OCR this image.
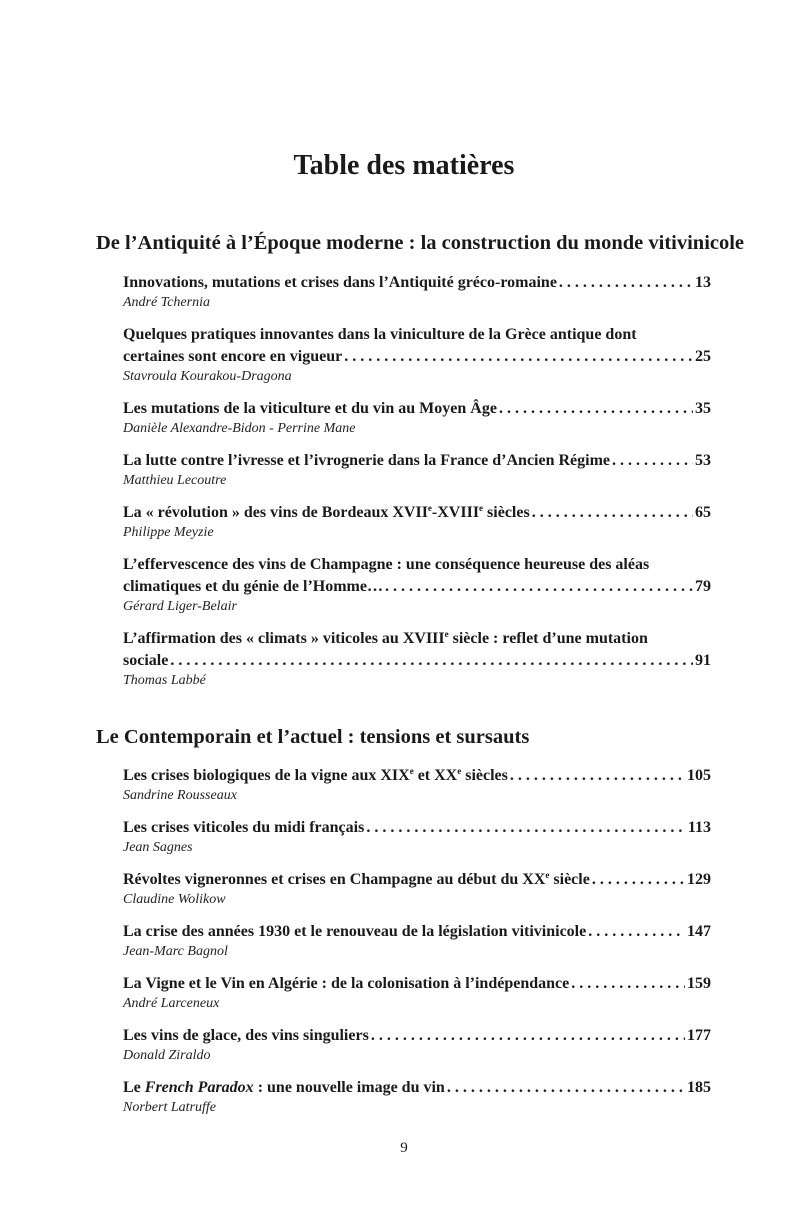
Table des matières
De l’Antiquité à l’Époque moderne : la construction du monde vitivinicole
Innovations, mutations et crises dans l’Antiquité gréco-romaine . . .	13
André Tchernia
Quelques pratiques innovantes dans la viniculture de la Grèce antique dont
certaines sont encore en vigueur . . .	25
Stavroula Kourakou-Dragona
Les mutations de la viticulture et du vin au Moyen Âge . . .	35
Danièle Alexandre-Bidon - Perrine Mane
La lutte contre l’ivresse et l’ivrognerie dans la France d’Ancien Régime . . .	53
Matthieu Lecoutre
La « révolution » des vins de Bordeaux XVIIe-XVIIIe siècles . . .	65
Philippe Meyzie
L’effervescence des vins de Champagne : une conséquence heureuse des aléas
climatiques et du génie de l’Homme… . . .	79
Gérard Liger-Belair
L’affirmation des « climats » viticoles au XVIIIe siècle : reflet d’une mutation
sociale . . .	91
Thomas Labbé
Le Contemporain et l’actuel : tensions et sursauts
Les crises biologiques de la vigne aux XIXe et XXe siècles . . .	105
Sandrine Rousseaux
Les crises viticoles du midi français . . .	113
Jean Sagnes
Révoltes vigneronnes et crises en Champagne au début du XXe siècle . . .	129
Claudine Wolikow
La crise des années 1930 et le renouveau de la législation vitivinicole . . .	147
Jean-Marc Bagnol
La Vigne et le Vin en Algérie : de la colonisation à l’indépendance . . .	159
André Larceneux
Les vins de glace, des vins singuliers . . .	177
Donald Ziraldo
Le French Paradox : une nouvelle image du vin . . .	185
Norbert Latruffe
9
